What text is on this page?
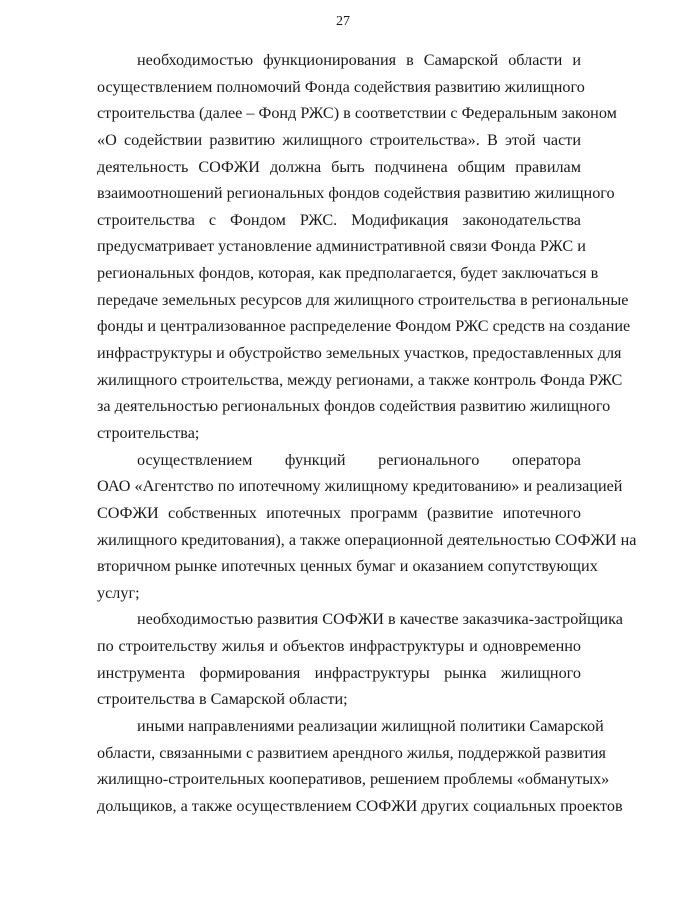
27
необходимостью функционирования в Самарской области и
осуществлением полномочий Фонда содействия развитию жилищного
строительства (далее – Фонд РЖС) в соответствии с Федеральным законом
«О содействии развитию жилищного строительства». В этой части
деятельность СОФЖИ должна быть подчинена общим правилам
взаимоотношений региональных фондов содействия развитию жилищного
строительства с Фондом РЖС. Модификация законодательства
предусматривает установление административной связи Фонда РЖС и
региональных фондов, которая, как предполагается, будет заключаться в
передаче земельных ресурсов для жилищного строительства в региональные
фонды и централизованное распределение Фондом РЖС средств на создание
инфраструктуры и обустройство земельных участков, предоставленных для
жилищного строительства, между регионами, а также контроль Фонда РЖС
за деятельностью региональных фондов содействия развитию жилищного
строительства;
осуществлением функций регионального оператора
ОАО «Агентство по ипотечному жилищному кредитованию» и реализацией
СОФЖИ собственных ипотечных программ (развитие ипотечного
жилищного кредитования), а также операционной деятельностью СОФЖИ на
вторичном рынке ипотечных ценных бумаг и оказанием сопутствующих
услуг;
необходимостью развития СОФЖИ в качестве заказчика-застройщика
по строительству жилья и объектов инфраструктуры и одновременно
инструмента формирования инфраструктуры рынка жилищного
строительства в Самарской области;
иными направлениями реализации жилищной политики Самарской
области, связанными с развитием арендного жилья, поддержкой развития
жилищно-строительных кооперативов, решением проблемы «обманутых»
дольщиков, а также осуществлением СОФЖИ других социальных проектов
